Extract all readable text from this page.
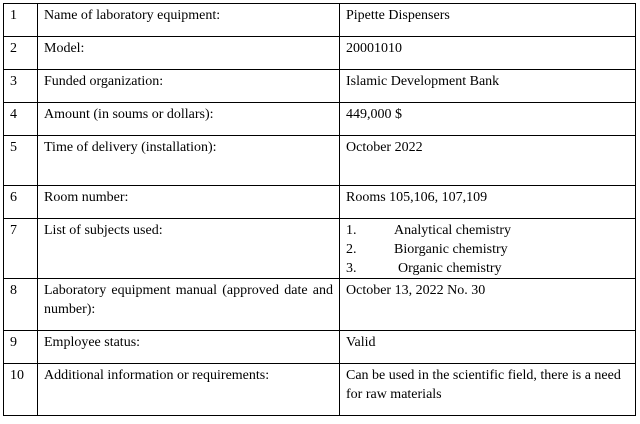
1	Name of laboratory equipment:	Pipette Dispensers
2	Model:	20001010
3	Funded organization:	Islamic Development Bank
4	Amount (in soums or dollars):	449,000 $
5	Time of delivery (installation):	October 2022
6	Room number:	Rooms 105,106, 107,109
7	List of subjects used:	1. Analytical chemistry
2. Biorganic chemistry
3. Organic chemistry

8	Laboratory equipment manual (approved date and number):	October 13, 2022 No. 30
9	Employee status:	Valid
10	Additional information or requirements:	Can be used in the scientific field, there is a need for raw materials
